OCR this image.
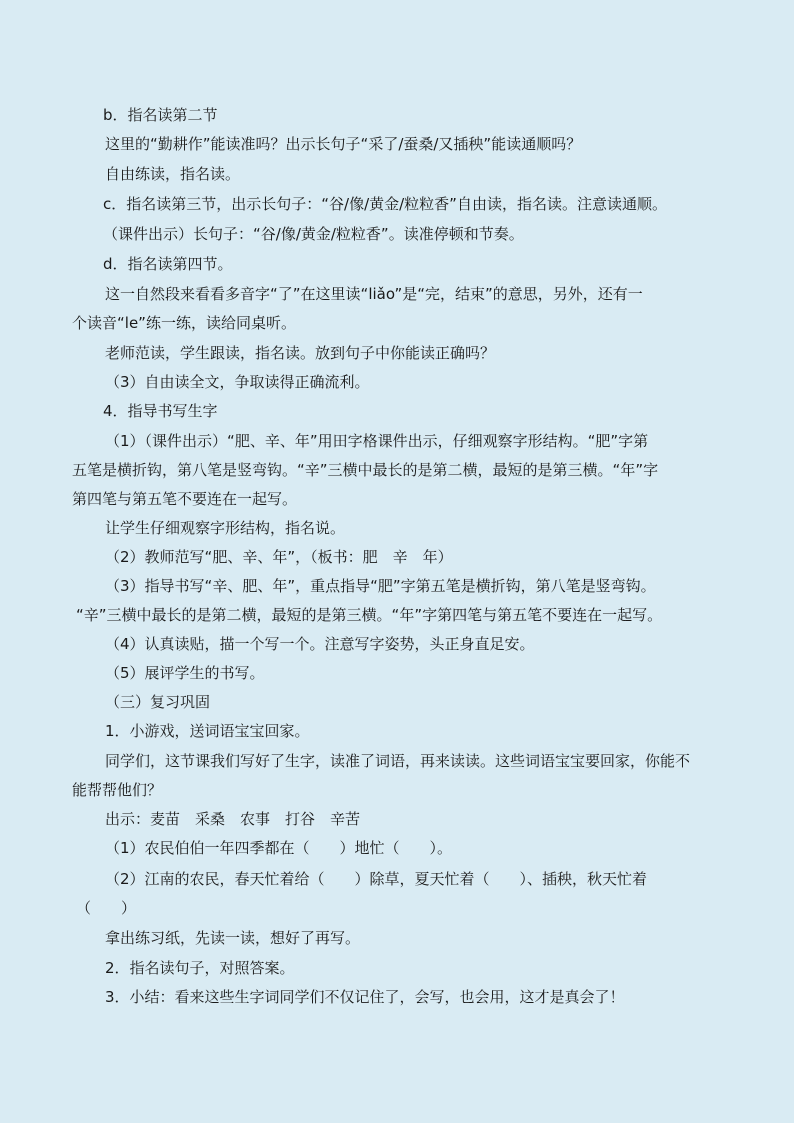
b．指名读第二节
这里的“勤耕作”能读准吗？出示长句子“采了/蚕桑/又插秧”能读通顺吗？
自由练读，指名读。
c．指名读第三节，出示长句子：“谷/像/黄金/粒粒香”自由读，指名读。注意读通顺。
（课件出示）长句子：“谷/像/黄金/粒粒香”。读准停顿和节奏。
d．指名读第四节。
这一自然段来看看多音字“了”在这里读“liǎo”是“完，结束”的意思，另外，还有一
个读音“le”练一练，读给同桌听。
老师范读，学生跟读，指名读。放到句子中你能读正确吗？
（3）自由读全文，争取读得正确流利。
4．指导书写生字
（1）（课件出示）“肥、辛、年”用田字格课件出示，仔细观察字形结构。“肥”字第
五笔是横折钩，第八笔是竖弯钩。“辛”三横中最长的是第二横，最短的是第三横。“年”字
第四笔与第五笔不要连在一起写。
让学生仔细观察字形结构，指名说。
（2）教师范写“肥、辛、年”，（板书：肥　辛　年）
（3）指导书写“辛、肥、年”，重点指导“肥”字第五笔是横折钩，第八笔是竖弯钩。
“辛”三横中最长的是第二横，最短的是第三横。“年”字第四笔与第五笔不要连在一起写。
（4）认真读贴，描一个写一个。注意写字姿势，头正身直足安。
（5）展评学生的书写。
（三）复习巩固
1．小游戏，送词语宝宝回家。
同学们，这节课我们写好了生字，读准了词语，再来读读。这些词语宝宝要回家，你能不
能帮帮他们？
出示：麦苗　采桑　农事　打谷　辛苦
（1）农民伯伯一年四季都在（　　）地忙（　　）。
（2）江南的农民，春天忙着给（　　）除草，夏天忙着（　　）、插秧，秋天忙着
（　　）
拿出练习纸，先读一读，想好了再写。
2．指名读句子，对照答案。
3．小结：看来这些生字词同学们不仅记住了，会写，也会用，这才是真会了！
